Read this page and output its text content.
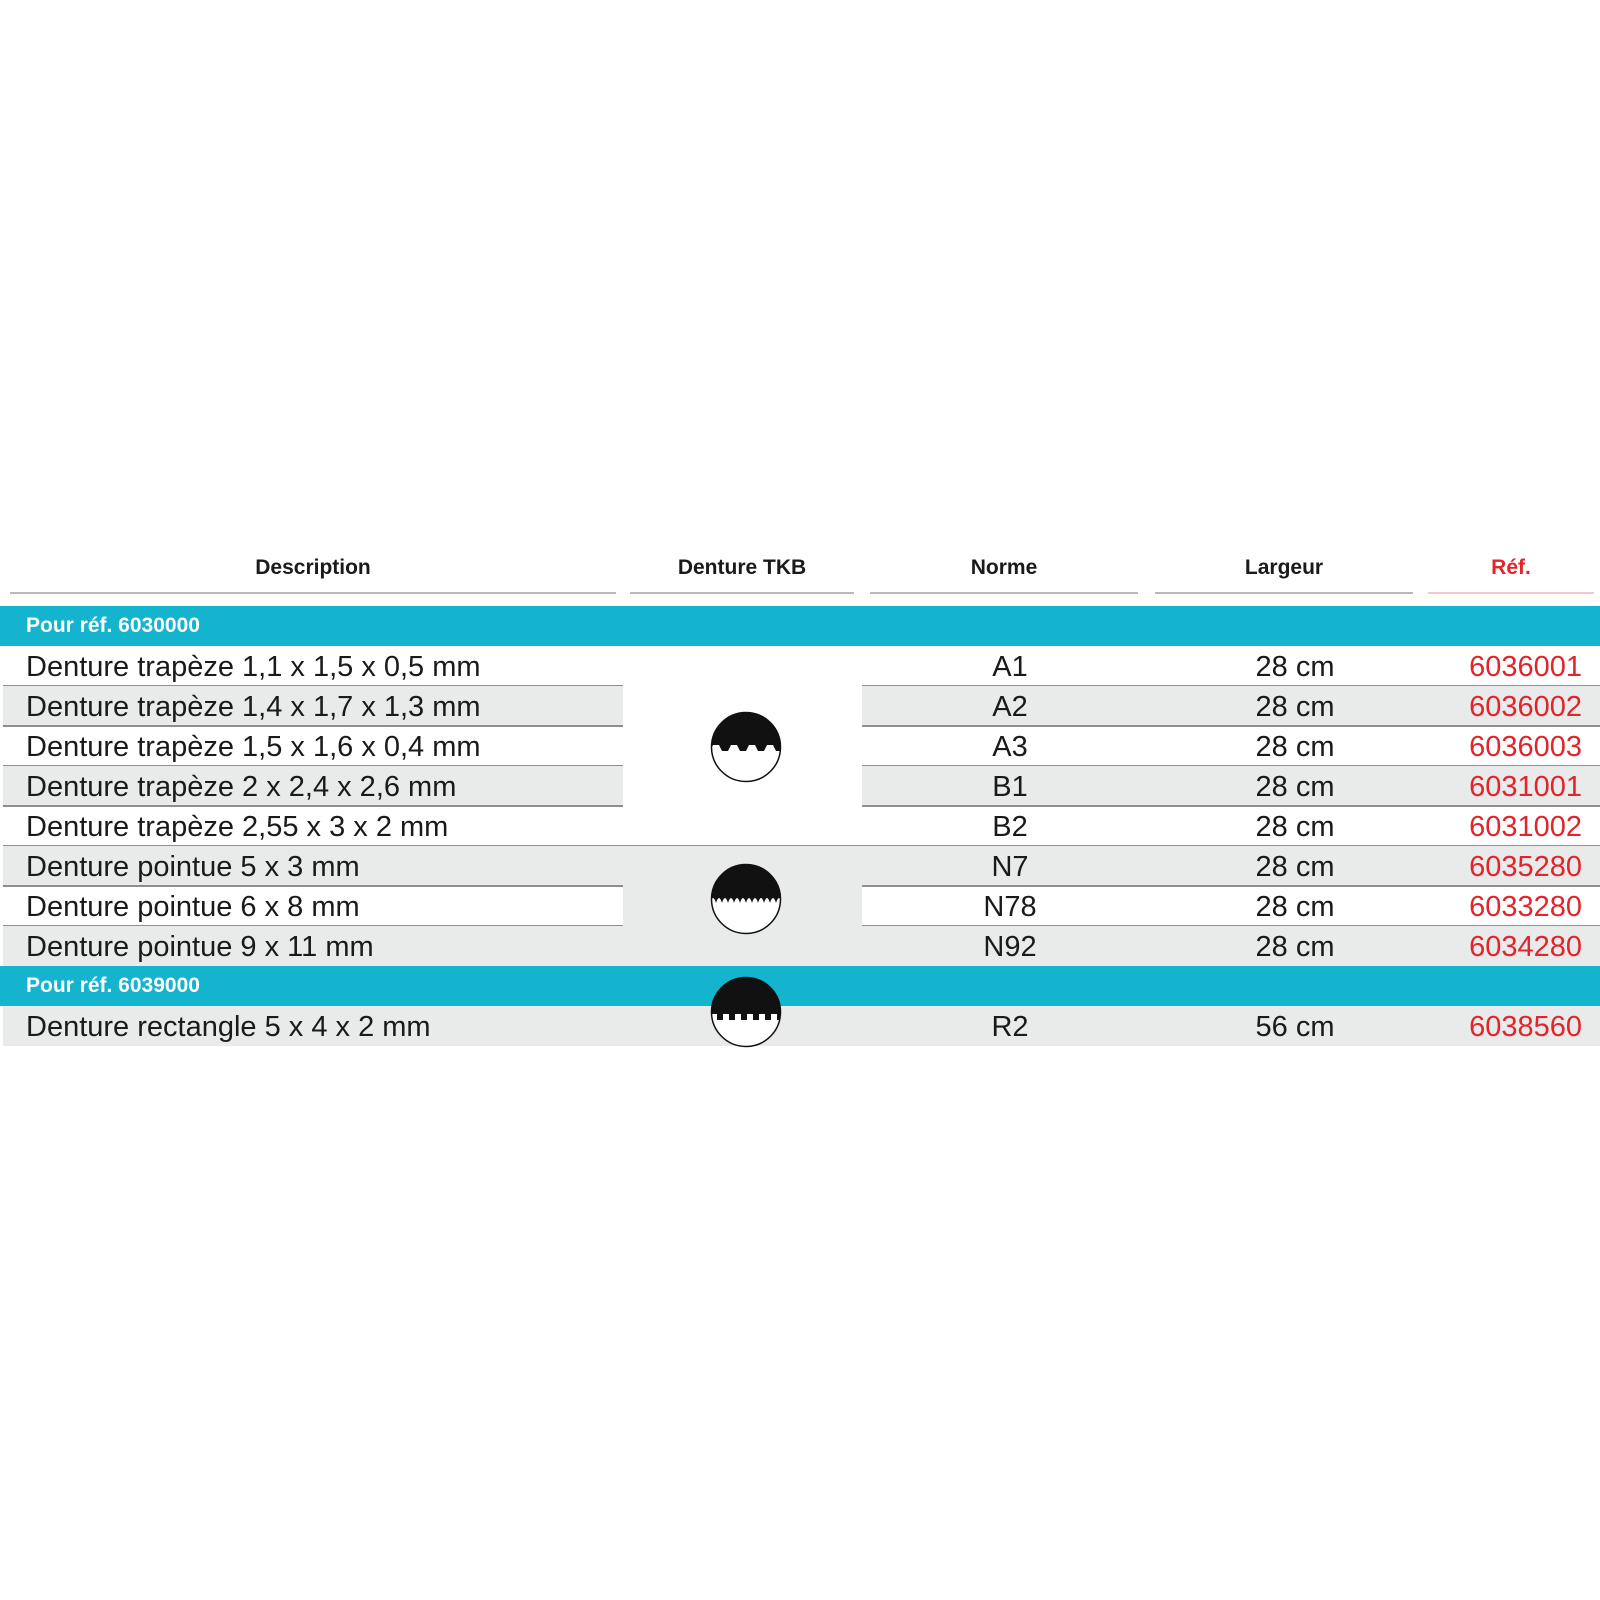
Description	Denture TKB	Norme	Largeur	Réf.
Pour réf. 6030000
Denture trapèze 1,1 x 1,5 x 0,5 mm	A1	28 cm	6036001
Denture trapèze 1,4 x 1,7 x 1,3 mm	A2	28 cm	6036002
Denture trapèze 1,5 x 1,6 x 0,4 mm	A3	28 cm	6036003
Denture trapèze 2 x 2,4 x 2,6 mm	B1	28 cm	6031001
Denture trapèze 2,55 x 3 x 2 mm	B2	28 cm	6031002
Denture pointue 5 x 3 mm	N7	28 cm	6035280
Denture pointue 6 x 8 mm	N78	28 cm	6033280
Denture pointue 9 x 11 mm	N92	28 cm	6034280
Pour réf. 6039000
Denture rectangle 5 x 4 x 2 mm	R2	56 cm	6038560
